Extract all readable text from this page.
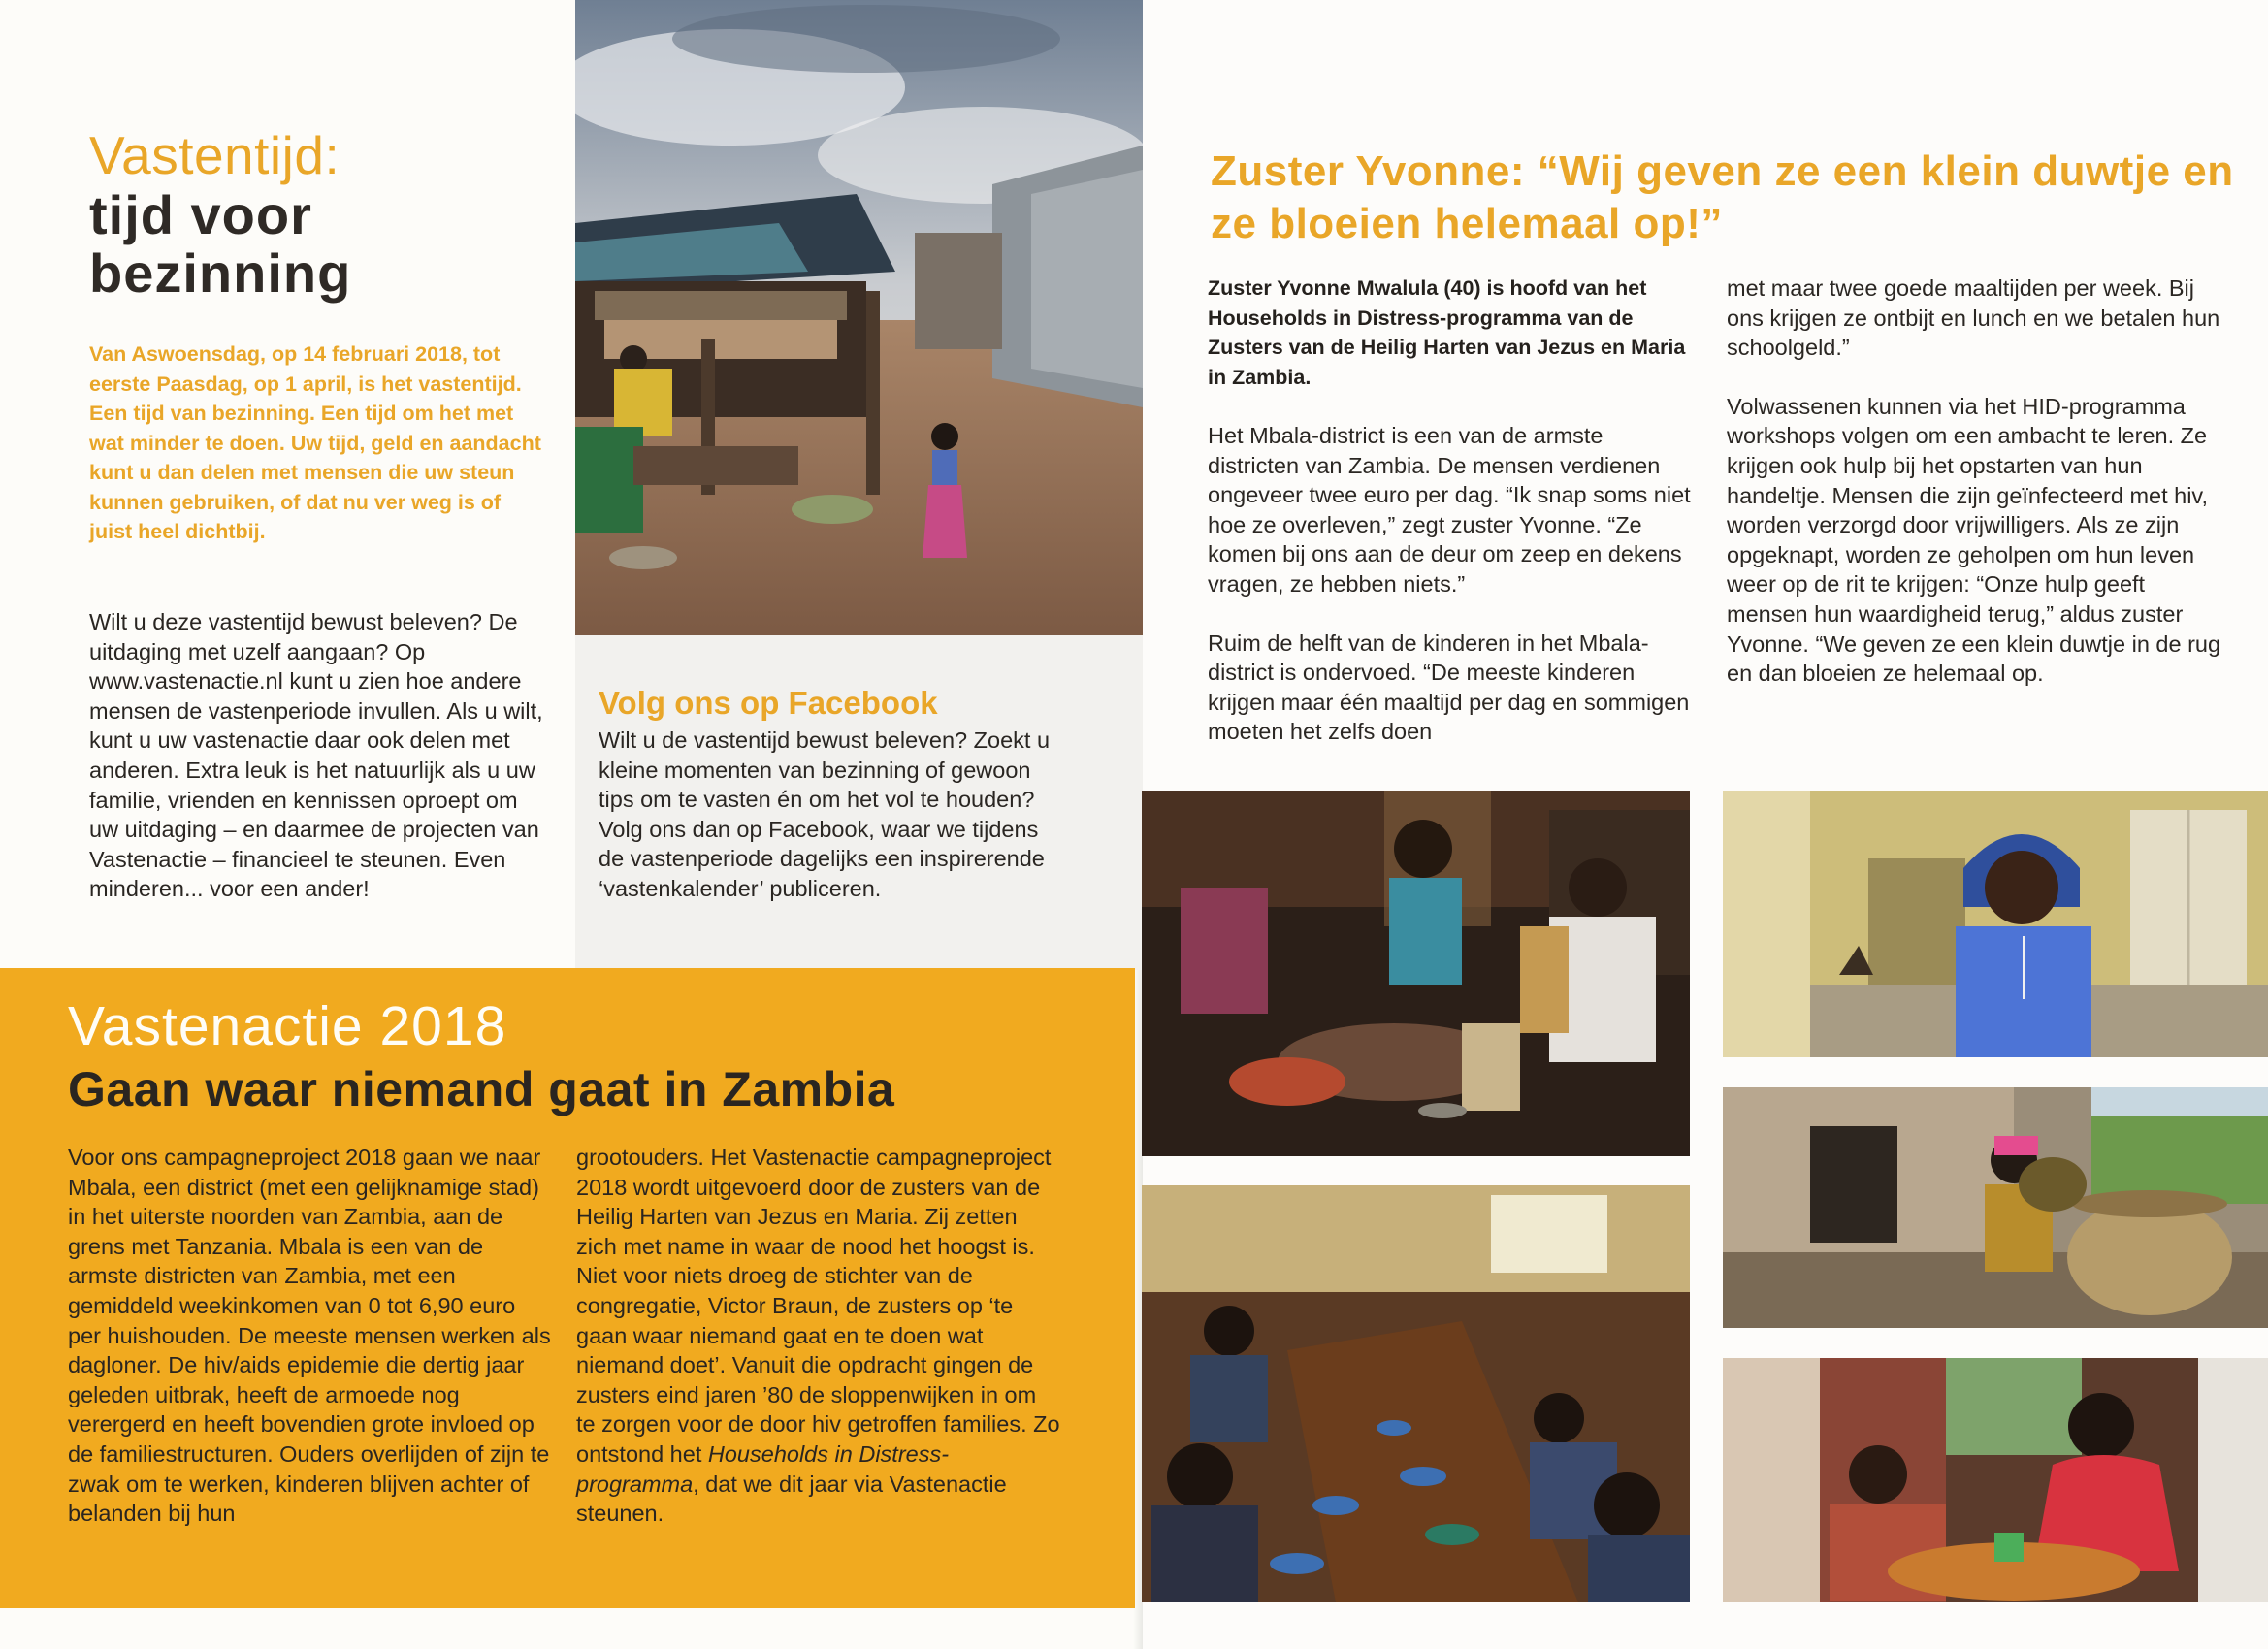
Vastentijd:
tijd voor
bezinning
Van Aswoensdag, op 14 februari 2018, tot eerste Paasdag, op 1 april, is het vastentijd. Een tijd van bezinning. Een tijd om het met wat minder te doen. Uw tijd, geld en aandacht kunt u dan delen met mensen die uw steun kunnen gebruiken, of dat nu ver weg is of juist heel dichtbij.
Wilt u deze vastentijd bewust beleven? De uitdaging met uzelf aangaan? Op www.vastenactie.nl kunt u zien hoe andere mensen de vastenperiode invullen. Als u wilt, kunt u uw vastenactie daar ook delen met anderen. Extra leuk is het natuurlijk als u uw familie, vrienden en kennissen oproept om uw uitdaging – en daarmee de projecten van Vastenactie – financieel te steunen. Even minderen... voor een ander!
Volg ons op Facebook
Wilt u de vastentijd bewust beleven? Zoekt u kleine momenten van bezinning of gewoon tips om te vasten én om het vol te houden? Volg ons dan op Facebook, waar we tijdens de vastenperiode dagelijks een inspirerende ‘vastenkalender’ publiceren.
Vastenactie 2018
Gaan waar niemand gaat in Zambia
Voor ons campagneproject 2018 gaan we naar Mbala, een district (met een gelijknamige stad) in het uiterste noorden van Zambia, aan de grens met Tanzania. Mbala is een van de armste districten van Zambia, met een gemiddeld weekinkomen van 0 tot 6,90 euro per huishouden. De meeste mensen werken als dagloner. De hiv/aids epidemie die dertig jaar geleden uitbrak, heeft de armoede nog verergerd en heeft bovendien grote invloed op de familiestructuren. Ouders overlijden of zijn te zwak om te werken, kinderen blijven achter of belanden bij hun
grootouders. Het Vastenactie campagneproject 2018 wordt uitgevoerd door de zusters van de Heilig Harten van Jezus en Maria. Zij zetten zich met name in waar de nood het hoogst is. Niet voor niets droeg de stichter van de congregatie, Victor Braun, de zusters op ‘te gaan waar niemand gaat en te doen wat niemand doet’. Vanuit die opdracht gingen de zusters eind jaren ’80 de sloppenwijken in om te zorgen voor de door hiv getroffen families. Zo ontstond het Households in Distress-programma, dat we dit jaar via Vastenactie steunen.
Zuster Yvonne: “Wij geven ze een klein duwtje en ze bloeien helemaal op!”

Zuster Yvonne Mwalula (40) is hoofd van het Households in Distress-programma van de Zusters van de Heilig Harten van Jezus en Maria in Zambia.

Het Mbala-district is een van de armste districten van Zambia. De mensen verdienen ongeveer twee euro per dag. “Ik snap soms niet hoe ze overleven,” zegt zuster Yvonne. “Ze komen bij ons aan de deur om zeep en dekens vragen, ze hebben niets.”

Ruim de helft van de kinderen in het Mbala-district is ondervoed. “De meeste kinderen krijgen maar één maaltijd per dag en sommigen moeten het zelfs doen

met maar twee goede maaltijden per week. Bij ons krijgen ze ontbijt en lunch en we betalen hun schoolgeld.”

Volwassenen kunnen via het HID-programma workshops volgen om een ambacht te leren. Ze krijgen ook hulp bij het opstarten van hun handeltje. Mensen die zijn geïnfecteerd met hiv, worden verzorgd door vrijwilligers. Als ze zijn opgeknapt, worden ze geholpen om hun leven weer op de rit te krijgen: “Onze hulp geeft mensen hun waardigheid terug,” aldus zuster Yvonne. “We geven ze een klein duwtje in de rug en dan bloeien ze helemaal op.
